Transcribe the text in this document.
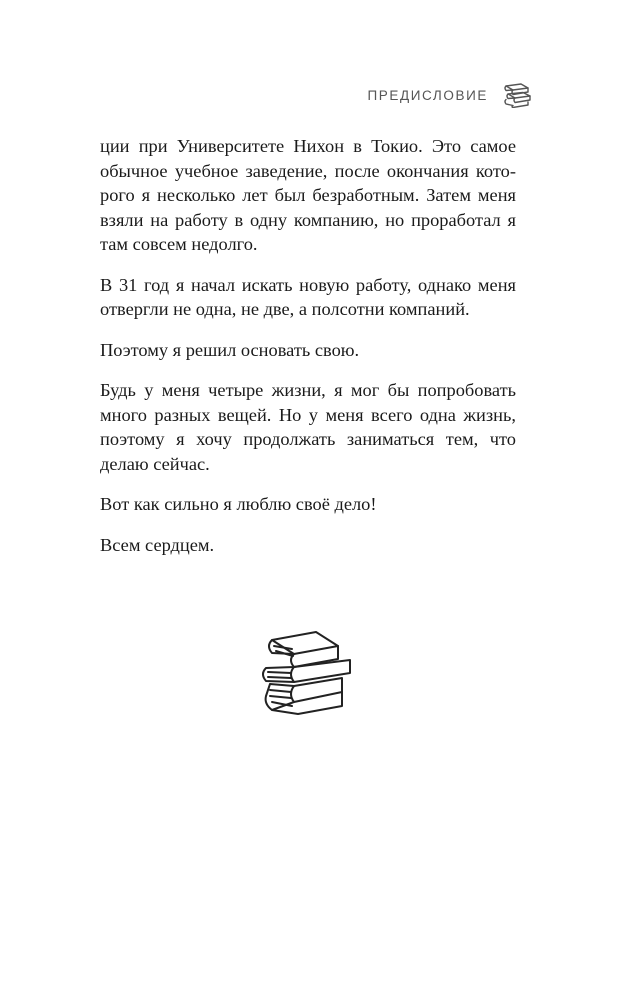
ПРЕДИСЛОВИЕ

ции при Университете Нихон в Токио. Это самое обычное учебное заведение, после окончания которого я несколько лет был безработным. Затем меня взяли на работу в одну компанию, но проработал я там совсем недолго.

В 31 год я начал искать новую работу, однако меня отвергли не одна, не две, а полсотни компаний.

Поэтому я решил основать свою.

Будь у меня четыре жизни, я мог бы попробовать много разных вещей. Но у меня всего одна жизнь, поэтому я хочу продолжать заниматься тем, что делаю сейчас.

Вот как сильно я люблю своё дело!

Всем сердцем.
